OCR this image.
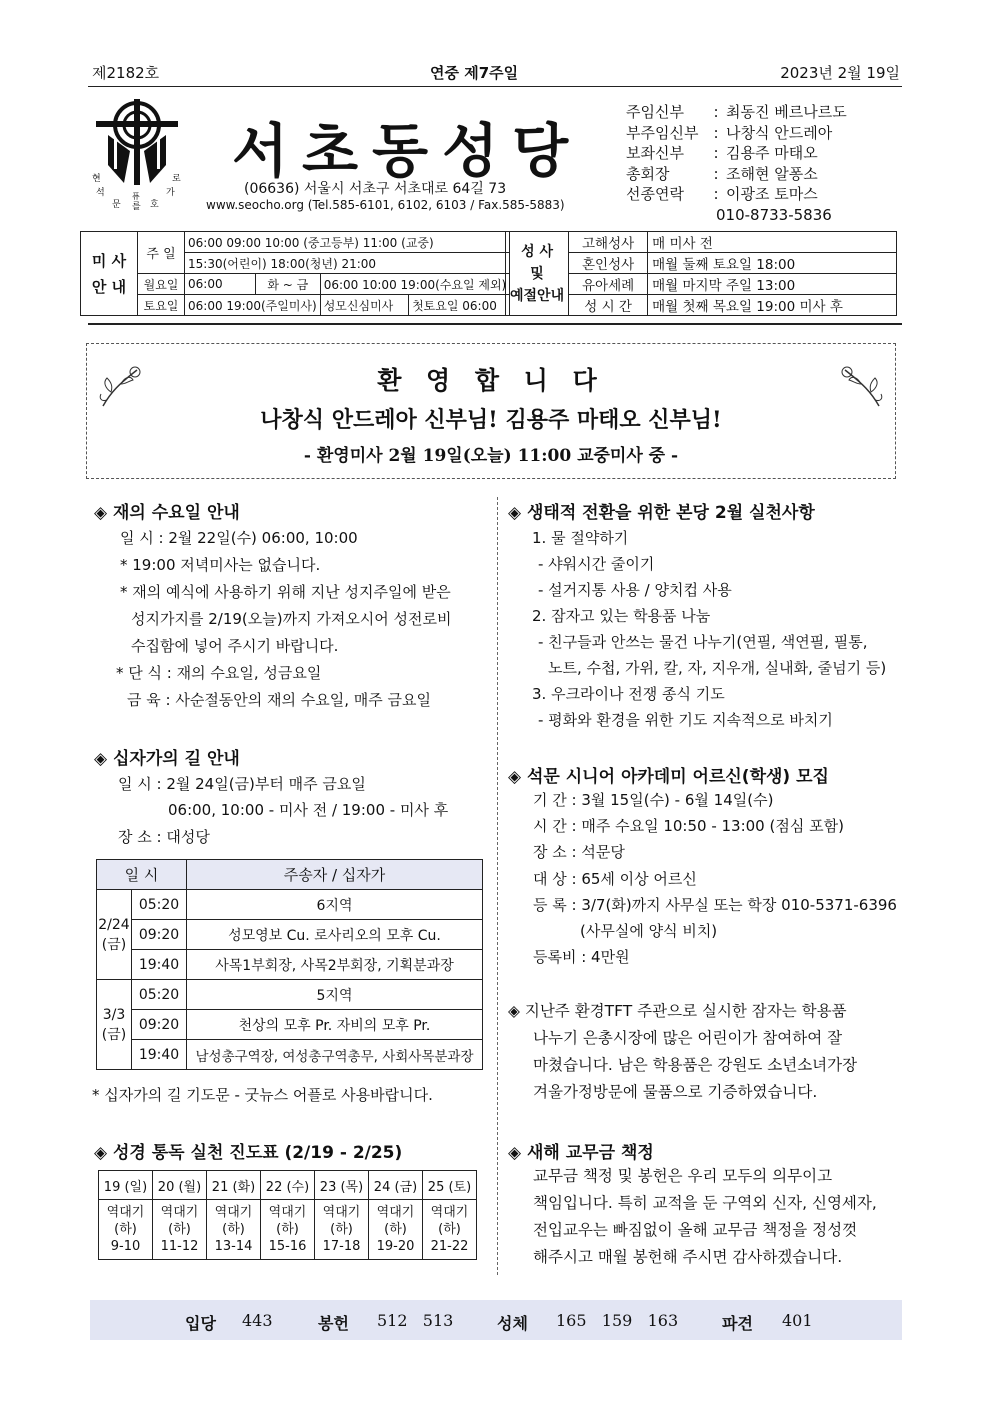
제2182호	연중 제7주일	2023년 2월 19일
현
석
문 를
로
가
호
퓨
서초동성당
(06636) 서울시 서초구 서초대로 64길 73
www.seocho.org (Tel.585-6101, 6102, 6103 / Fax.585-5883)
주임신부 : 최동진 베르나르도
부주임신부 : 나창식 안드레아
보좌신부 : 김용주 마태오
총회장	: 조해현 알퐁소
선종연락 : 이광조 토마스
010-8733-5836
미 사
안 내	주 일	06:00 09:00 10:00 (중고등부) 11:00 (교중)			
		15:30(어린이) 18:00(청년) 21:00			
	월요일	06:00	화 ~ 금	06:00 10:00 19:00(수요일 제외)	
	토요일	06:00 19:00(주일미사)		성모신심미사	첫토요일 06:00
성 사
및
예절안내	고해성사	매 미사 전
	혼인성사	매월 둘째 토요일 18:00
	유아세례	매월 마지막 주일 13:00
	성 시 간	매월 첫째 목요일 19:00 미사 후
환 영 합 니 다
나창식 안드레아 신부님! 김용주 마태오 신부님!
- 환영미사 2월 19일(오늘) 11:00 교중미사 중 -
◈ 재의 수요일 안내
일 시 : 2월 22일(수) 06:00, 10:00
* 19:00 저녁미사는 없습니다.
* 재의 예식에 사용하기 위해 지난 성지주일에 받은
성지가지를 2/19(오늘)까지 가져오시어 성전로비
수집함에 넣어 주시기 바랍니다.
* 단 식 : 재의 수요일, 성금요일
금 육 : 사순절동안의 재의 수요일, 매주 금요일
◈ 십자가의 길 안내
일 시 : 2월 24일(금)부터 매주 금요일
06:00, 10:00 - 미사 전 / 19:00 - 미사 후
장 소 : 대성당
일 시		주송자 / 십자가
2/24
(금)	05:20	6지역
	09:20	성모영보 Cu. 로사리오의 모후 Cu.
	19:40	사목1부회장, 사목2부회장, 기획분과장
3/3
(금)	05:20	5지역
	09:20	천상의 모후 Pr. 자비의 모후 Pr.
	19:40	남성총구역장, 여성총구역총무, 사회사목분과장
* 십자가의 길 기도문 - 굿뉴스 어플로 사용바랍니다.
◈ 성경 통독 실천 진도표 (2/19 - 2/25)
19 (일)	20 (월)	21 (화)	22 (수)	23 (목)	24 (금)	25 (토)
역대기
(하)
9-10	역대기
(하)
11-12	역대기
(하)
13-14	역대기
(하)
15-16	역대기
(하)
17-18	역대기
(하)
19-20	역대기
(하)
21-22
◈ 생태적 전환을 위한 본당 2월 실천사항
1. 물 절약하기
- 샤워시간 줄이기
- 설거지통 사용 / 양치컵 사용
2. 잠자고 있는 학용품 나눔
- 친구들과 안쓰는 물건 나누기(연필, 색연필, 필통,
노트, 수첩, 가위, 칼, 자, 지우개, 실내화, 줄넘기 등)
3. 우크라이나 전쟁 종식 기도
- 평화와 환경을 위한 기도 지속적으로 바치기
◈ 석문 시니어 아카데미 어르신(학생) 모집
기 간 : 3월 15일(수) - 6월 14일(수)
시 간 : 매주 수요일 10:50 - 13:00 (점심 포함)
장 소 : 석문당
대 상 : 65세 이상 어르신
등 록 : 3/7(화)까지 사무실 또는 학장 010-5371-6396
(사무실에 양식 비치)
등록비 : 4만원
◈ 지난주 환경TFT 주관으로 실시한 잠자는 학용품
나누기 은총시장에 많은 어린이가 참여하여 잘
마쳤습니다. 남은 학용품은 강원도 소년소녀가장
겨울가정방문에 물품으로 기증하였습니다.
◈ 새해 교무금 책정
교무금 책정 및 봉헌은 우리 모두의 의무이고
책임입니다. 특히 교적을 둔 구역외 신자, 신영세자,
전입교우는 빠짐없이 올해 교무금 책정을 정성껏
해주시고 매월 봉헌해 주시면 감사하겠습니다.
입당 443	봉헌 512   513	성체 165   159   163	파견 401
